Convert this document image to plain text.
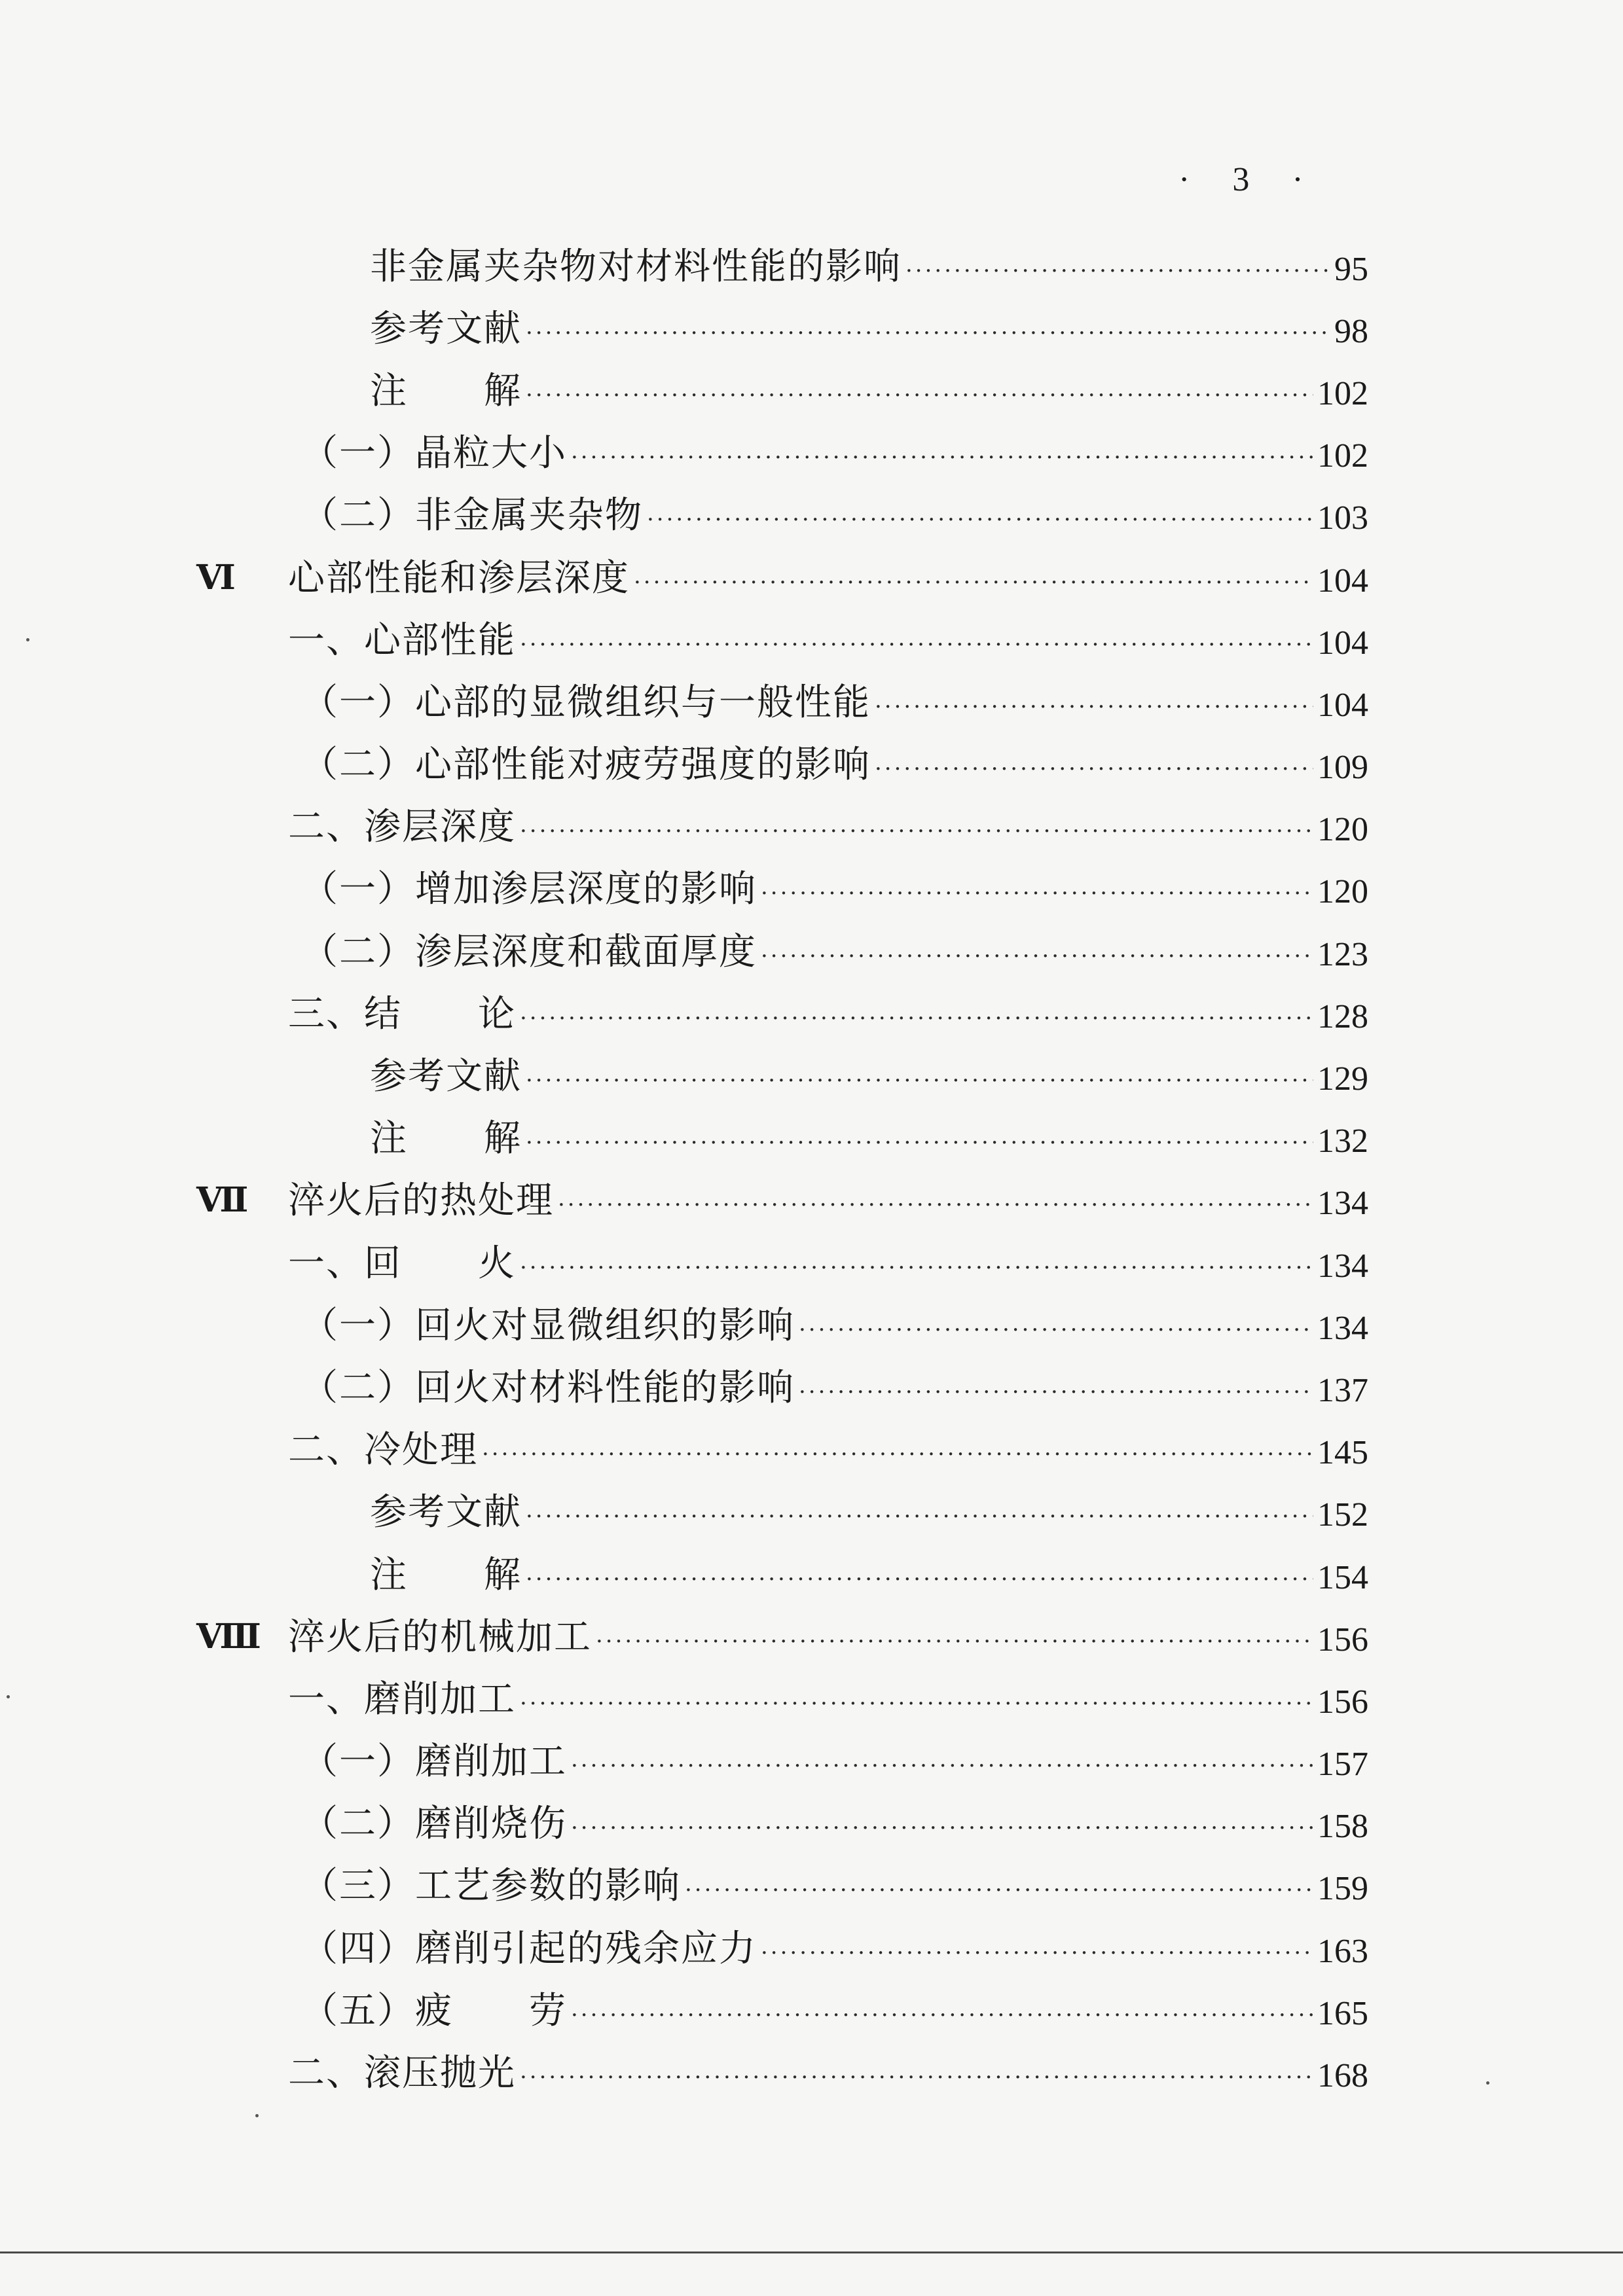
· 3 ·
非金属夹杂物对材料性能的影响 ·····	95
参考文献 ·····	98
注　　解 ·····	102
（一）晶粒大小 ·····	102
（二）非金属夹杂物 ·····	103
Ⅵ 心部性能和渗层深度 ·····	104
一、心部性能 ·····	104
（一）心部的显微组织与一般性能 ·····	104
（二）心部性能对疲劳强度的影响 ·····	109
二、渗层深度 ·····	120
（一）增加渗层深度的影响 ·····	120
（二）渗层深度和截面厚度 ·····	123
三、结　　论 ·····	128
参考文献 ·····	129
注　　解 ·····	132
Ⅶ 淬火后的热处理 ·····	134
一、回　　火 ·····	134
（一）回火对显微组织的影响 ·····	134
（二）回火对材料性能的影响 ·····	137
二、冷处理 ·····	145
参考文献 ·····	152
注　　解 ·····	154
Ⅷ 淬火后的机械加工 ·····	156
一、磨削加工 ·····	156
（一）磨削加工 ·····	157
（二）磨削烧伤 ·····	158
（三）工艺参数的影响 ·····	159
（四）磨削引起的残余应力 ·····	163
（五）疲　　劳 ·····	165
二、滚压抛光 ·····	168
